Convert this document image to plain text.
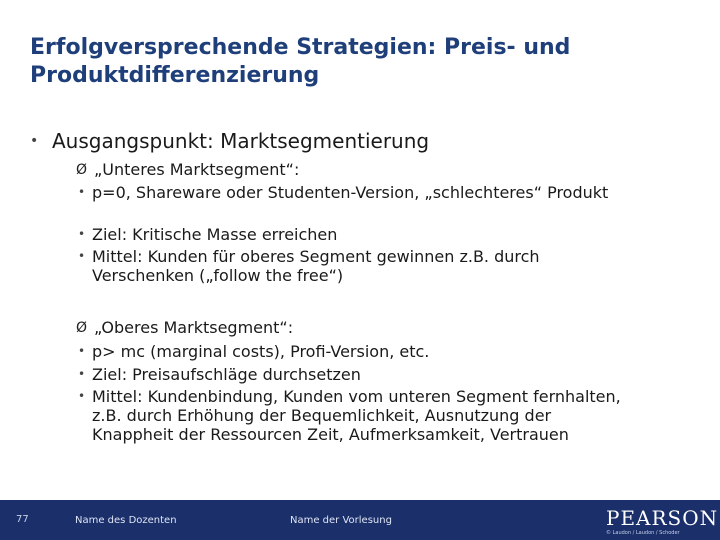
Erfolgversprechende Strategien: Preis- und Produktdifferenzierung
• Ausgangspunkt: Marktsegmentierung
Ø „Unteres Marktsegment“:
• p=0, Shareware oder Studenten-Version, „schlechteres“ Produkt
• Ziel: Kritische Masse erreichen
• Mittel: Kunden für oberes Segment gewinnen z.B. durch Verschenken („follow the free“)
Ø „Oberes Marktsegment“:
• p> mc (marginal costs), Profi-Version, etc.
• Ziel: Preisaufschläge durchsetzen
• Mittel: Kundenbindung, Kunden vom unteren Segment fernhalten, z.B. durch Erhöhung der Bequemlichkeit, Ausnutzung der Knappheit der Ressourcen Zeit, Aufmerksamkeit, Vertrauen
77	Name des Dozenten	Name der Vorlesung	PEARSON
© Laudon / Laudon / Schoder
